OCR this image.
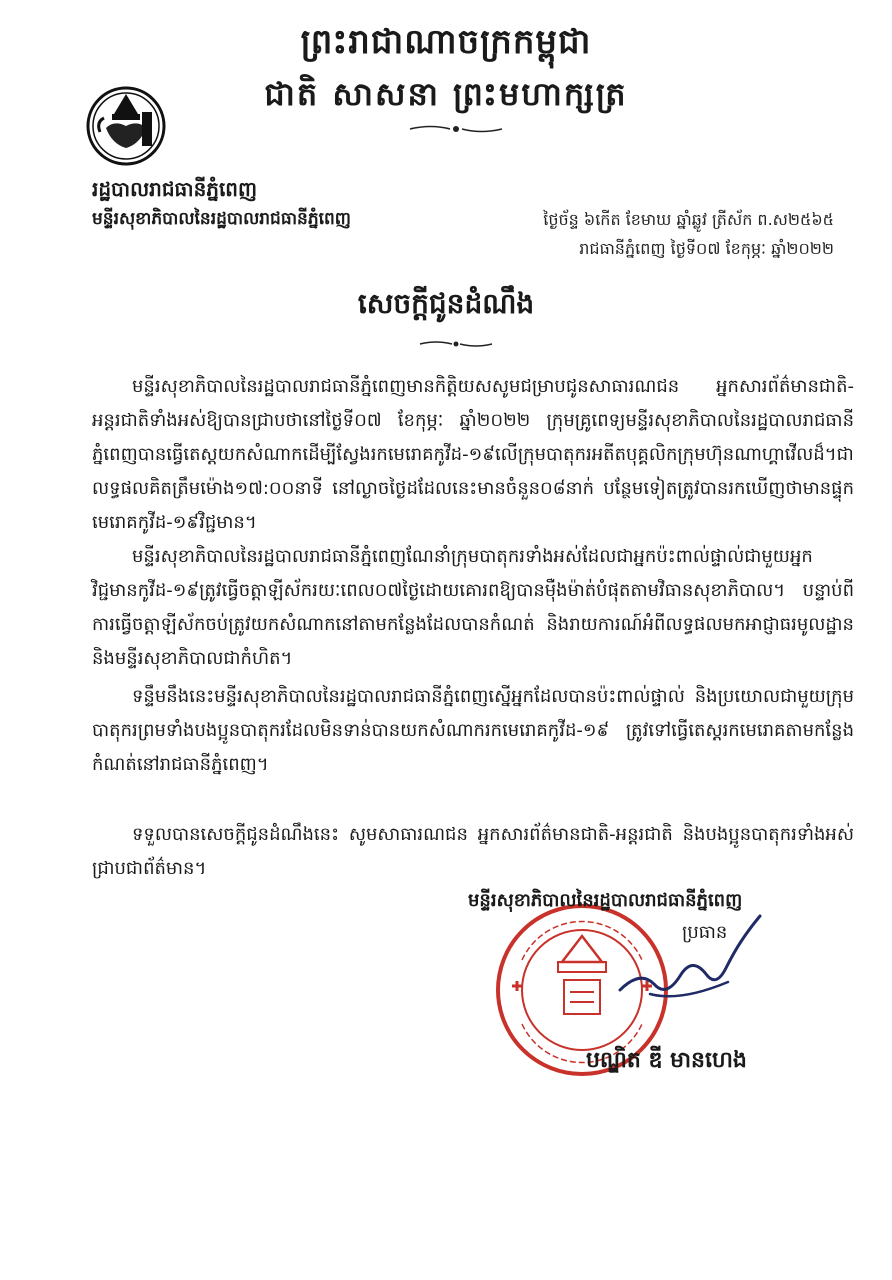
ព្រះរាជាណាចក្រកម្ពុជា
ជាតិ សាសនា ព្រះមហាក្សត្រ
រដ្ឋបាលរាជធានីភ្នំពេញ
មន្ទីរសុខាភិបាលនៃរដ្ឋបាលរាជធានីភ្នំពេញ	ថ្ងៃច័ន្ទ ៦កើត ខែមាឃ ឆ្នាំឆ្លូវ ត្រីស័ក ព.ស២៥៦៥
រាជធានីភ្នំពេញ ថ្ងៃទី០៧ ខែកុម្ភៈ ឆ្នាំ២០២២
សេចក្តីជូនដំណឹង
មន្ទីរសុខាភិបាលនៃរដ្ឋបាលរាជធានីភ្នំពេញមានកិត្តិយសសូមជម្រាបជូនសាធារណជន អ្នកសារព័ត៌មានជាតិ-អន្តរជាតិទាំងអស់ឱ្យបានជ្រាបថានៅថ្ងៃទី០៧ ខែកុម្ភៈ ឆ្នាំ២០២២ ក្រុមគ្រូពេទ្យមន្ទីរសុខាភិបាលនៃរដ្ឋបាលរាជធានីភ្នំពេញបានធ្វើតេស្តយកសំណាកដើម្បីស្វែងរកមេរោគកូវីដ-១៩លើក្រុមបាតុករអតីតបុគ្គលិកក្រុមហ៊ុនណាហ្គាវើលដ៏។ជាលទ្ធផលគិតត្រឹមម៉ោង១៧:០០នាទី នៅល្ងាចថ្ងៃដដែលនេះមានចំនួន០៨នាក់ បន្ថែមទៀតត្រូវបានរកឃើញថាមានផ្ទុកមេរោគកូវីដ-១៩វិជ្ជមាន។
មន្ទីរសុខាភិបាលនៃរដ្ឋបាលរាជធានីភ្នំពេញណែនាំក្រុមបាតុករទាំងអស់ដែលជាអ្នកប៉ះពាល់ផ្ទាល់ជាមួយអ្នកវិជ្ជមានកូវីដ-១៩ត្រូវធ្វើចត្តាឡីស័ករយៈពេល០៧ថ្ងៃដោយគោរពឱ្យបានម៉ឺងម៉ាត់បំផុតតាមវិធានសុខាភិបាល។ បន្ទាប់ពីការធ្វើចត្តាឡីស័កចប់ត្រូវយកសំណាកនៅតាមកន្លែងដែលបានកំណត់ និងរាយការណ៍អំពីលទ្ធផលមកអាជ្ញាធរមូលដ្ឋាន និងមន្ទីរសុខាភិបាលជាកំហិត។
ទន្ទឹមនឹងនេះមន្ទីរសុខាភិបាលនៃរដ្ឋបាលរាជធានីភ្នំពេញស្នើអ្នកដែលបានប៉ះពាល់ផ្ទាល់ និងប្រយោលជាមួយក្រុមបាតុករព្រមទាំងបងប្អូនបាតុករដែលមិនទាន់បានយកសំណាករកមេរោគកូវីដ-១៩ ត្រូវទៅធ្វើតេស្តរកមេរោគតាមកន្លែងកំណត់នៅរាជធានីភ្នំពេញ។
ទទួលបានសេចក្តីជូនដំណឹងនេះ សូមសាធារណជន អ្នកសារព័ត៌មានជាតិ-អន្តរជាតិ និងបងប្អូនបាតុករទាំងអស់ ជ្រាបជាព័ត៌មាន។
មន្ទីរសុខាភិបាលនៃរដ្ឋបាលរាជធានីភ្នំពេញ
ប្រធាន
បណ្ឌិត ឌី មានហេង
